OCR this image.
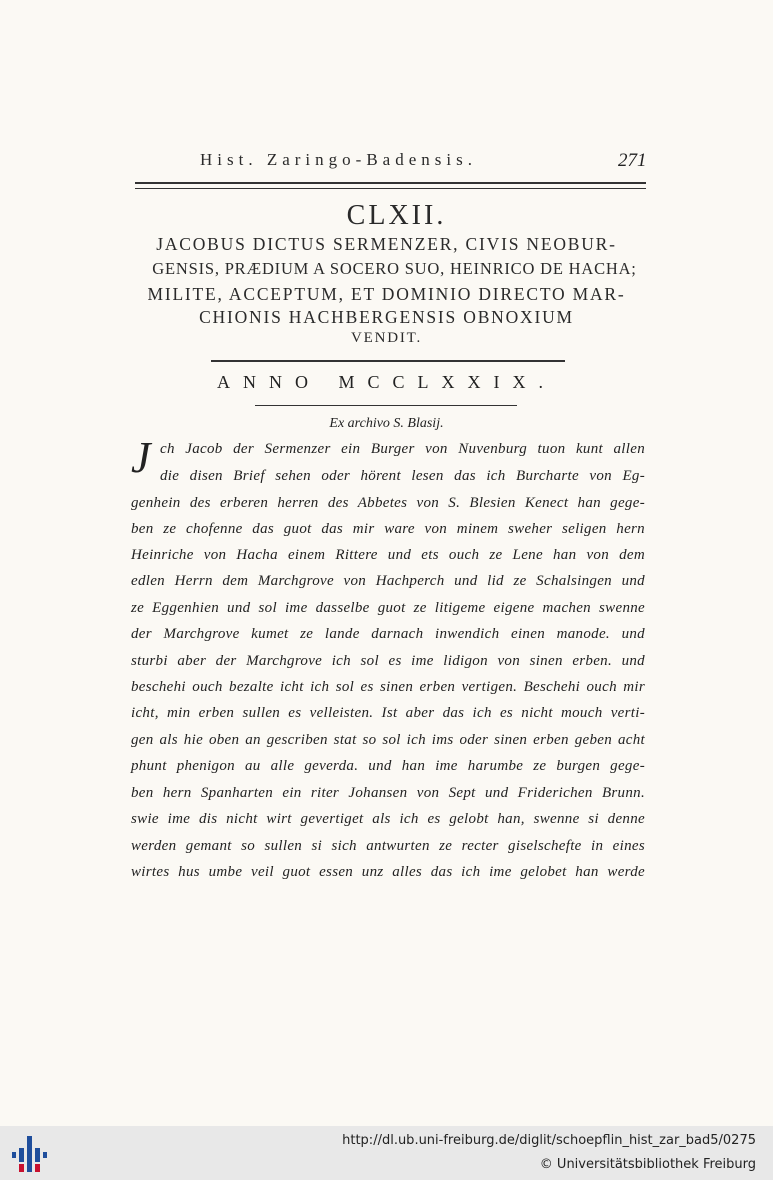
Hist. Zaringo-Badensis.	271
CLXII.
JACOBUS DICTUS SERMENZER, CIVIS NEOBUR-
GENSIS, PRÆDIUM A SOCERO SUO, HEINRICO DE HACHA;
MILITE, ACCEPTUM, ET DOMINIO DIRECTO MAR-
CHIONIS HACHBERGENSIS OBNOXIUM
VENDIT.
ANNO MCCLXXIX.
Ex archivo S. Blasij.
J ch Jacob der Sermenzer ein Burger von Nuvenburg tuon kunt allen
die disen Brief sehen oder hörent lesen das ich Burcharte von Eg-
genhein des erberen herren des Abbetes von S. Blesien Kenect han gege-
ben ze chofenne das guot das mir ware von minem sweher seligen hern
Heinriche von Hacha einem Rittere und ets ouch ze Lene han von dem
edlen Herrn dem Marchgrove von Hachperch und lid ze Schalsingen und
ze Eggenhien und sol ime dasselbe guot ze litigeme eigene machen swenne
der Marchgrove kumet ze lande darnach inwendich einen manode. und
sturbi aber der Marchgrove ich sol es ime lidigon von sinen erben. und
beschehi ouch bezalte icht ich sol es sinen erben vertigen. Beschehi ouch mir
icht, min erben sullen es velleisten. Ist aber das ich es nicht mouch verti-
gen als hie oben an gescriben stat so sol ich ims oder sinen erben geben acht
phunt phenigon au alle geverda. und han ime harumbe ze burgen gege-
ben hern Spanharten ein riter Johansen von Sept und Friderichen Brunn.
swie ime dis nicht wirt gevertiget als ich es gelobt han, swenne si denne
werden gemant so sullen si sich antwurten ze recter giselschefte in eines
wirtes hus umbe veil guot essen unz alles das ich ime gelobet han werde
http://dl.ub.uni-freiburg.de/diglit/schoepflin_hist_zar_bad5/0275
© Universitätsbibliothek Freiburg
